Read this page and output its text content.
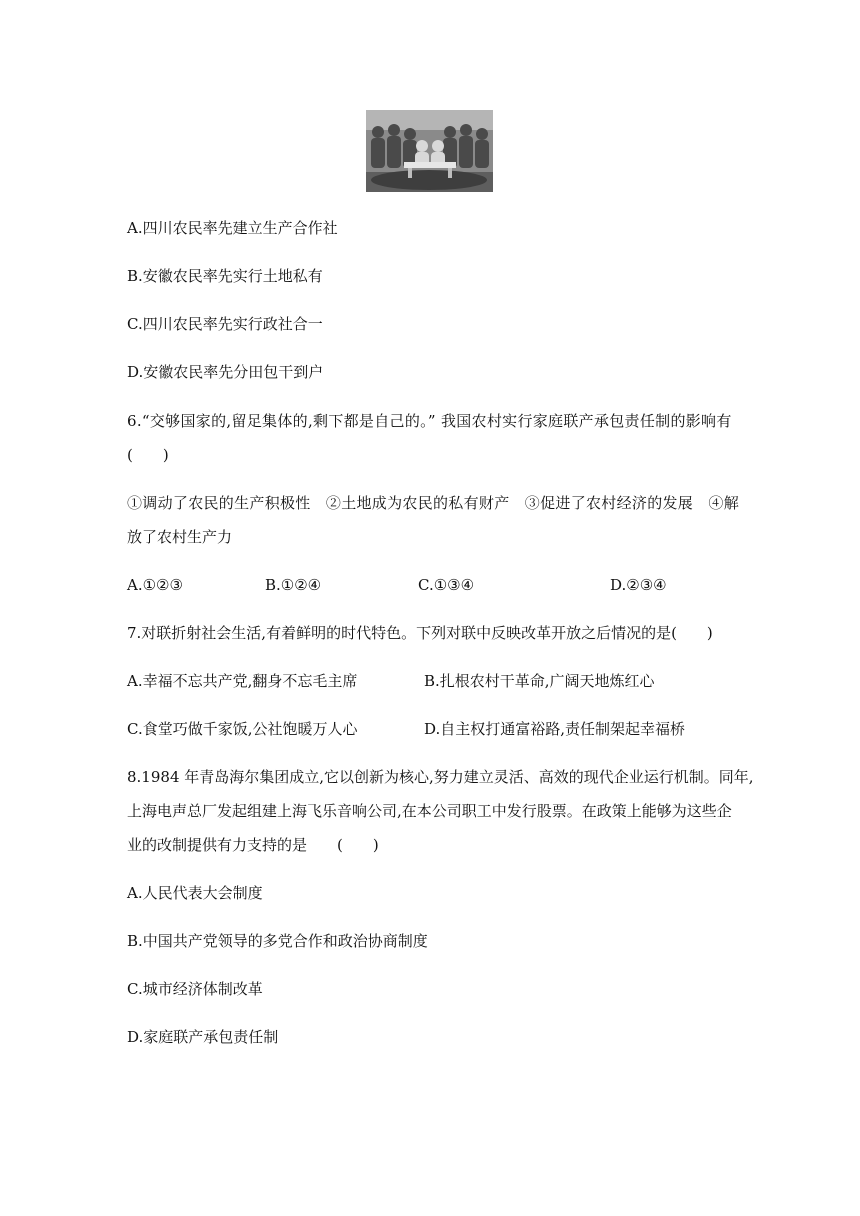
A.四川农民率先建立生产合作社
B.安徽农民率先实行土地私有
C.四川农民率先实行政社合一
D.安徽农民率先分田包干到户
6.“交够国家的,留足集体的,剩下都是自己的。” 我国农村实行家庭联产承包责任制的影响有
(　　)
①调动了农民的生产积极性　②土地成为农民的私有财产　③促进了农村经济的发展　④解
放了农村生产力
A.①②③	B.①②④	C.①③④	D.②③④
7.对联折射社会生活,有着鲜明的时代特色。下列对联中反映改革开放之后情况的是(　　)
A.幸福不忘共产党,翻身不忘毛主席	B.扎根农村干革命,广阔天地炼红心
C.食堂巧做千家饭,公社饱暖万人心	D.自主权打通富裕路,责任制架起幸福桥
8.1984 年青岛海尔集团成立,它以创新为核心,努力建立灵活、高效的现代企业运行机制。同年,
上海电声总厂发起组建上海飞乐音响公司,在本公司职工中发行股票。在政策上能够为这些企
业的改制提供有力支持的是　　(　　)
A.人民代表大会制度
B.中国共产党领导的多党合作和政治协商制度
C.城市经济体制改革
D.家庭联产承包责任制
